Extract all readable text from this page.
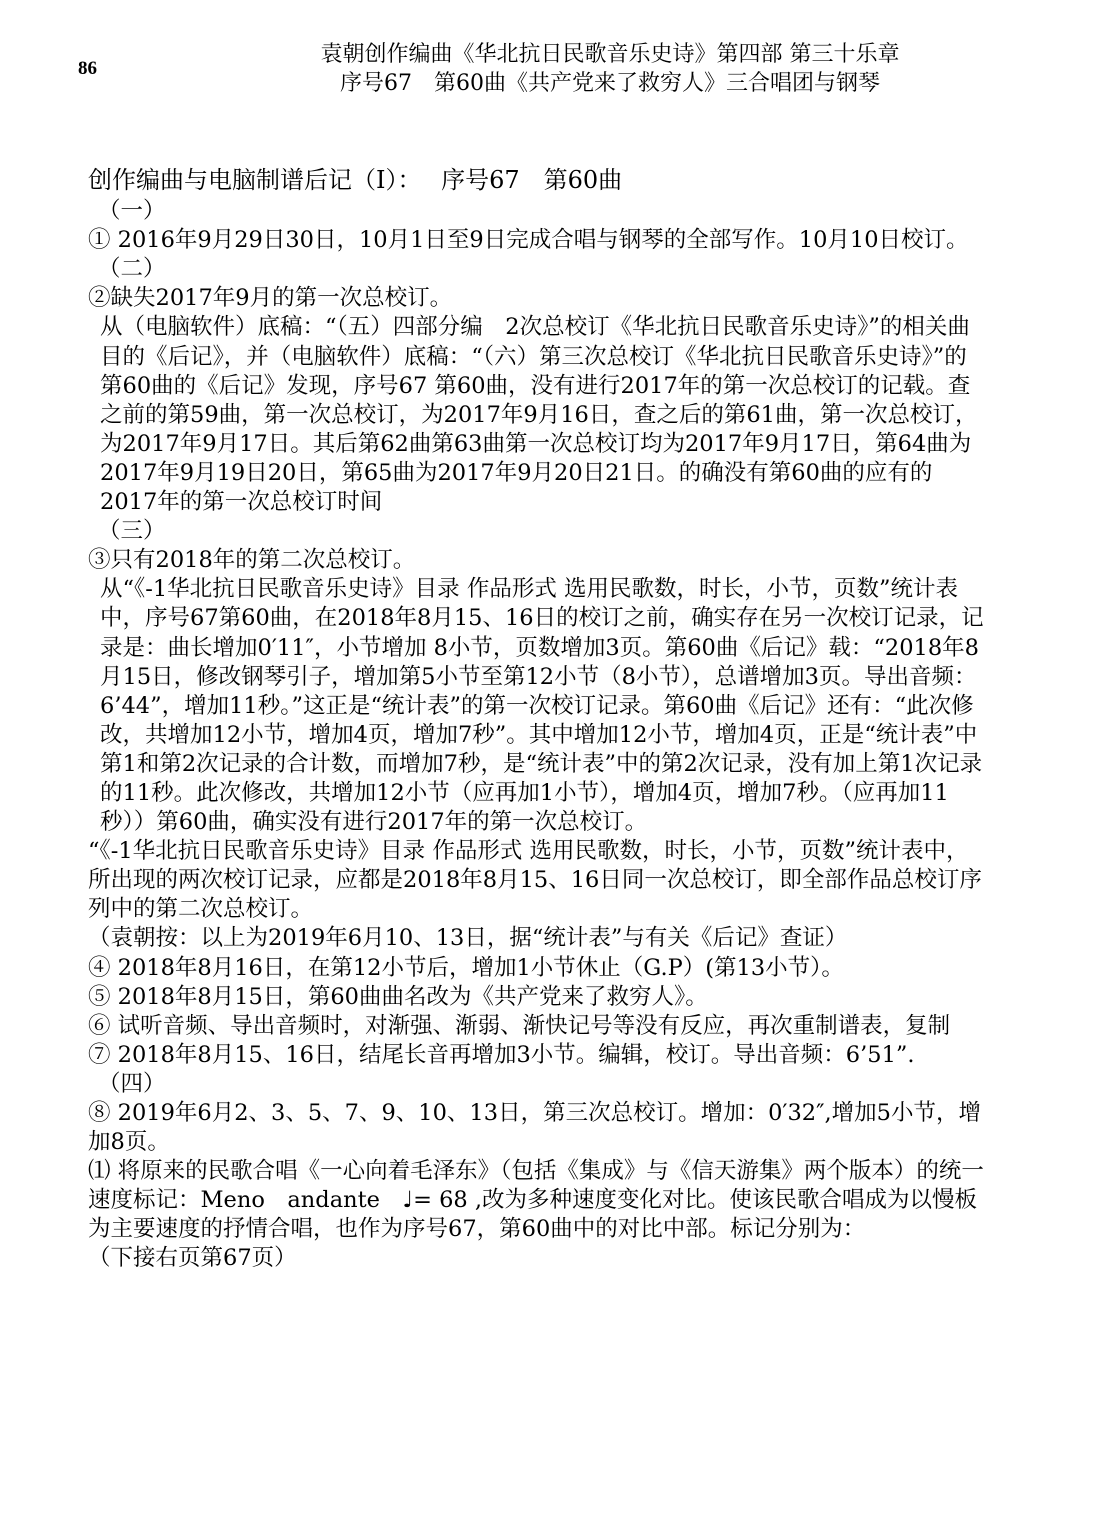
86
袁朝创作编曲《华北抗日民歌音乐史诗》第四部 第三十乐章
序号67　第60曲《共产党来了救穷人》三合唱团与钢琴

创作编曲与电脑制谱后记（Ⅰ）：　 序号67　第60曲

（一）

① 2016年9月29日30日，10月1日至9日完成合唱与钢琴的全部写作。10月10日校订。

（二）

②缺失2017年9月的第一次总校订。

从（电脑软件）底稿：“（五）四部分编　2次总校订《华北抗日民歌音乐史诗》”的相关曲目的《后记》，并（电脑软件）底稿：“（六）第三次总校订《华北抗日民歌音乐史诗》”的第60曲的《后记》发现，序号67 第60曲，没有进行2017年的第一次总校订的记载。查之前的第59曲，第一次总校订，为2017年9月16日，查之后的第61曲，第一次总校订，为2017年9月17日。其后第62曲第63曲第一次总校订均为2017年9月17日，第64曲为2017年9月19日20日，第65曲为2017年9月20日21日。的确没有第60曲的应有的2017年的第一次总校订时间

（三）

③只有2018年的第二次总校订。

从“《-1华北抗日民歌音乐史诗》目录 作品形式 选用民歌数，时长，小节，页数”统计表中，序号67第60曲，在2018年8月15、16日的校订之前，确实存在另一次校订记录，记录是：曲长增加0′11″，小节增加 8小节，页数增加3页。第60曲《后记》载：“2018年8月15日，修改钢琴引子，增加第5小节至第12小节（8小节），总谱增加3页。导出音频：6’44”，增加11秒。”这正是“统计表”的第一次校订记录。第60曲《后记》还有：“此次修改，共增加12小节，增加4页，增加7秒”。其中增加12小节，增加4页，正是“统计表”中第1和第2次记录的合计数，而增加7秒，是“统计表”中的第2次记录，没有加上第1次记录的11秒。此次修改，共增加12小节（应再加1小节），增加4页，增加7秒。（应再加11秒））第60曲，确实没有进行2017年的第一次总校订。

“《-1华北抗日民歌音乐史诗》目录 作品形式 选用民歌数，时长，小节，页数”统计表中，所出现的两次校订记录，应都是2018年8月15、16日同一次总校订，即全部作品总校订序列中的第二次总校订。

（袁朝按：以上为2019年6月10、13日，据“统计表”与有关《后记》查证）

④ 2018年8月16日，在第12小节后，增加1小节休止（G.P）(第13小节）。

⑤ 2018年8月15日，第60曲曲名改为《共产党来了救穷人》。

⑥ 试听音频、导出音频时，对渐强、渐弱、渐快记号等没有反应，再次重制谱表，复制

⑦ 2018年8月15、16日，结尾长音再增加3小节。编辑，校订。导出音频：6’51”.

（四）

⑧ 2019年6月2、3、5、7、9、10、13日，第三次总校订。增加：0′32″,增加5小节，增加8页。

⑴ 将原来的民歌合唱《一心向着毛泽东》（包括《集成》与《信天游集》两个版本）的统一速度标记：Meno　andante　♩= 68 ,改为多种速度变化对比。使该民歌合唱成为以慢板为主要速度的抒情合唱，也作为序号67，第60曲中的对比中部。标记分别为：

（下接右页第67页）
